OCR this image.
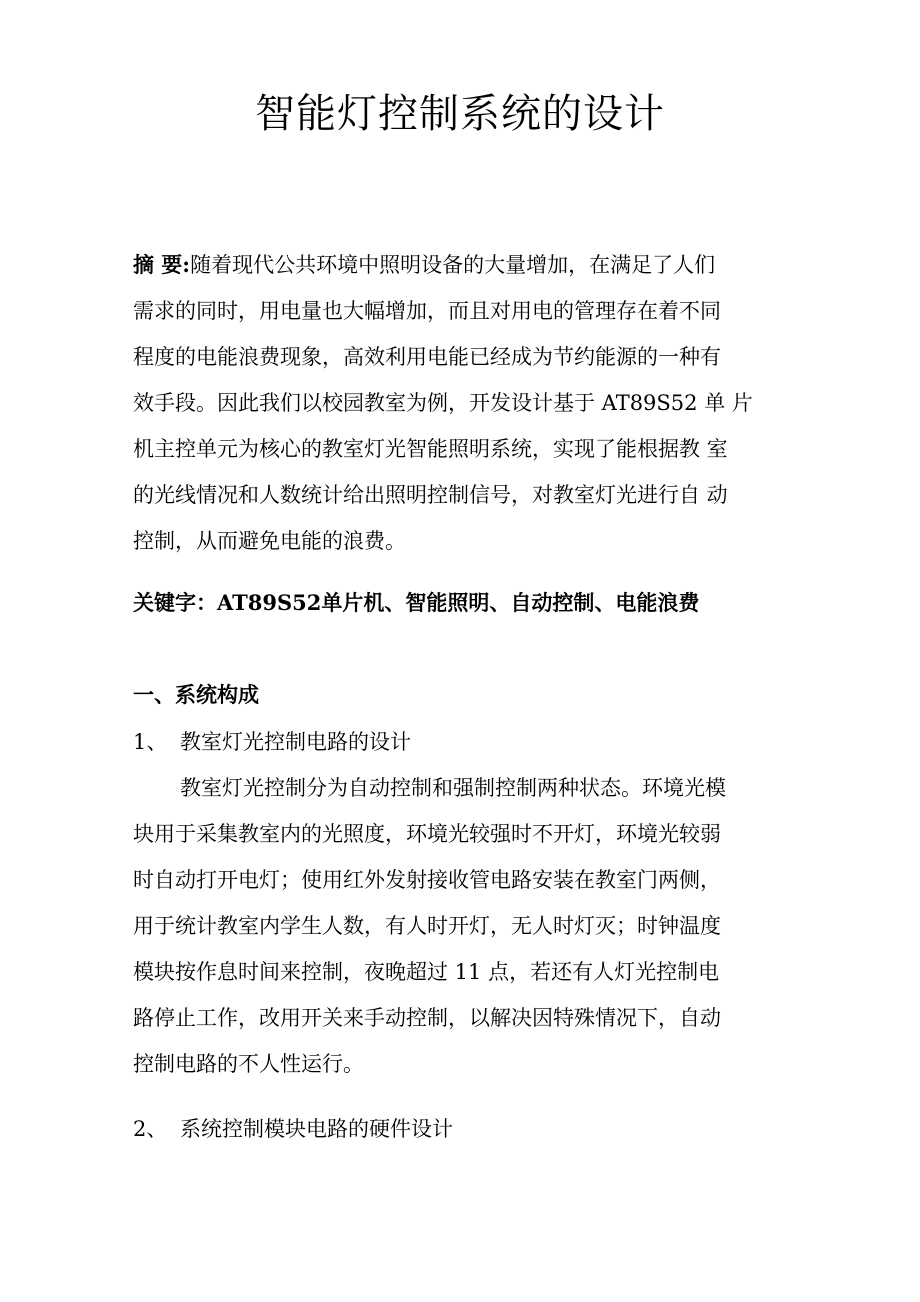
智能灯控制系统的设计
摘 要:随着现代公共环境中照明设备的大量增加，在满足了人们
需求的同时，用电量也大幅增加，而且对用电的管理存在着不同
程度的电能浪费现象，高效利用电能已经成为节约能源的一种有
效手段。因此我们以校园教室为例，开发设计基于 AT89S52 单 片
机主控单元为核心的教室灯光智能照明系统，实现了能根据教 室
的光线情况和人数统计给出照明控制信号，对教室灯光进行自 动
控制，从而避免电能的浪费。
关键字：AT89S52单片机、智能照明、自动控制、电能浪费
一、系统构成
1、 教室灯光控制电路的设计
教室灯光控制分为自动控制和强制控制两种状态。环境光模
块用于采集教室内的光照度，环境光较强时不开灯，环境光较弱
时自动打开电灯；使用红外发射接收管电路安装在教室门两侧，
用于统计教室内学生人数，有人时开灯，无人时灯灭；时钟温度
模块按作息时间来控制，夜晚超过 11 点，若还有人灯光控制电
路停止工作，改用开关来手动控制，以解决因特殊情况下，自动
控制电路的不人性运行。
2、 系统控制模块电路的硬件设计
